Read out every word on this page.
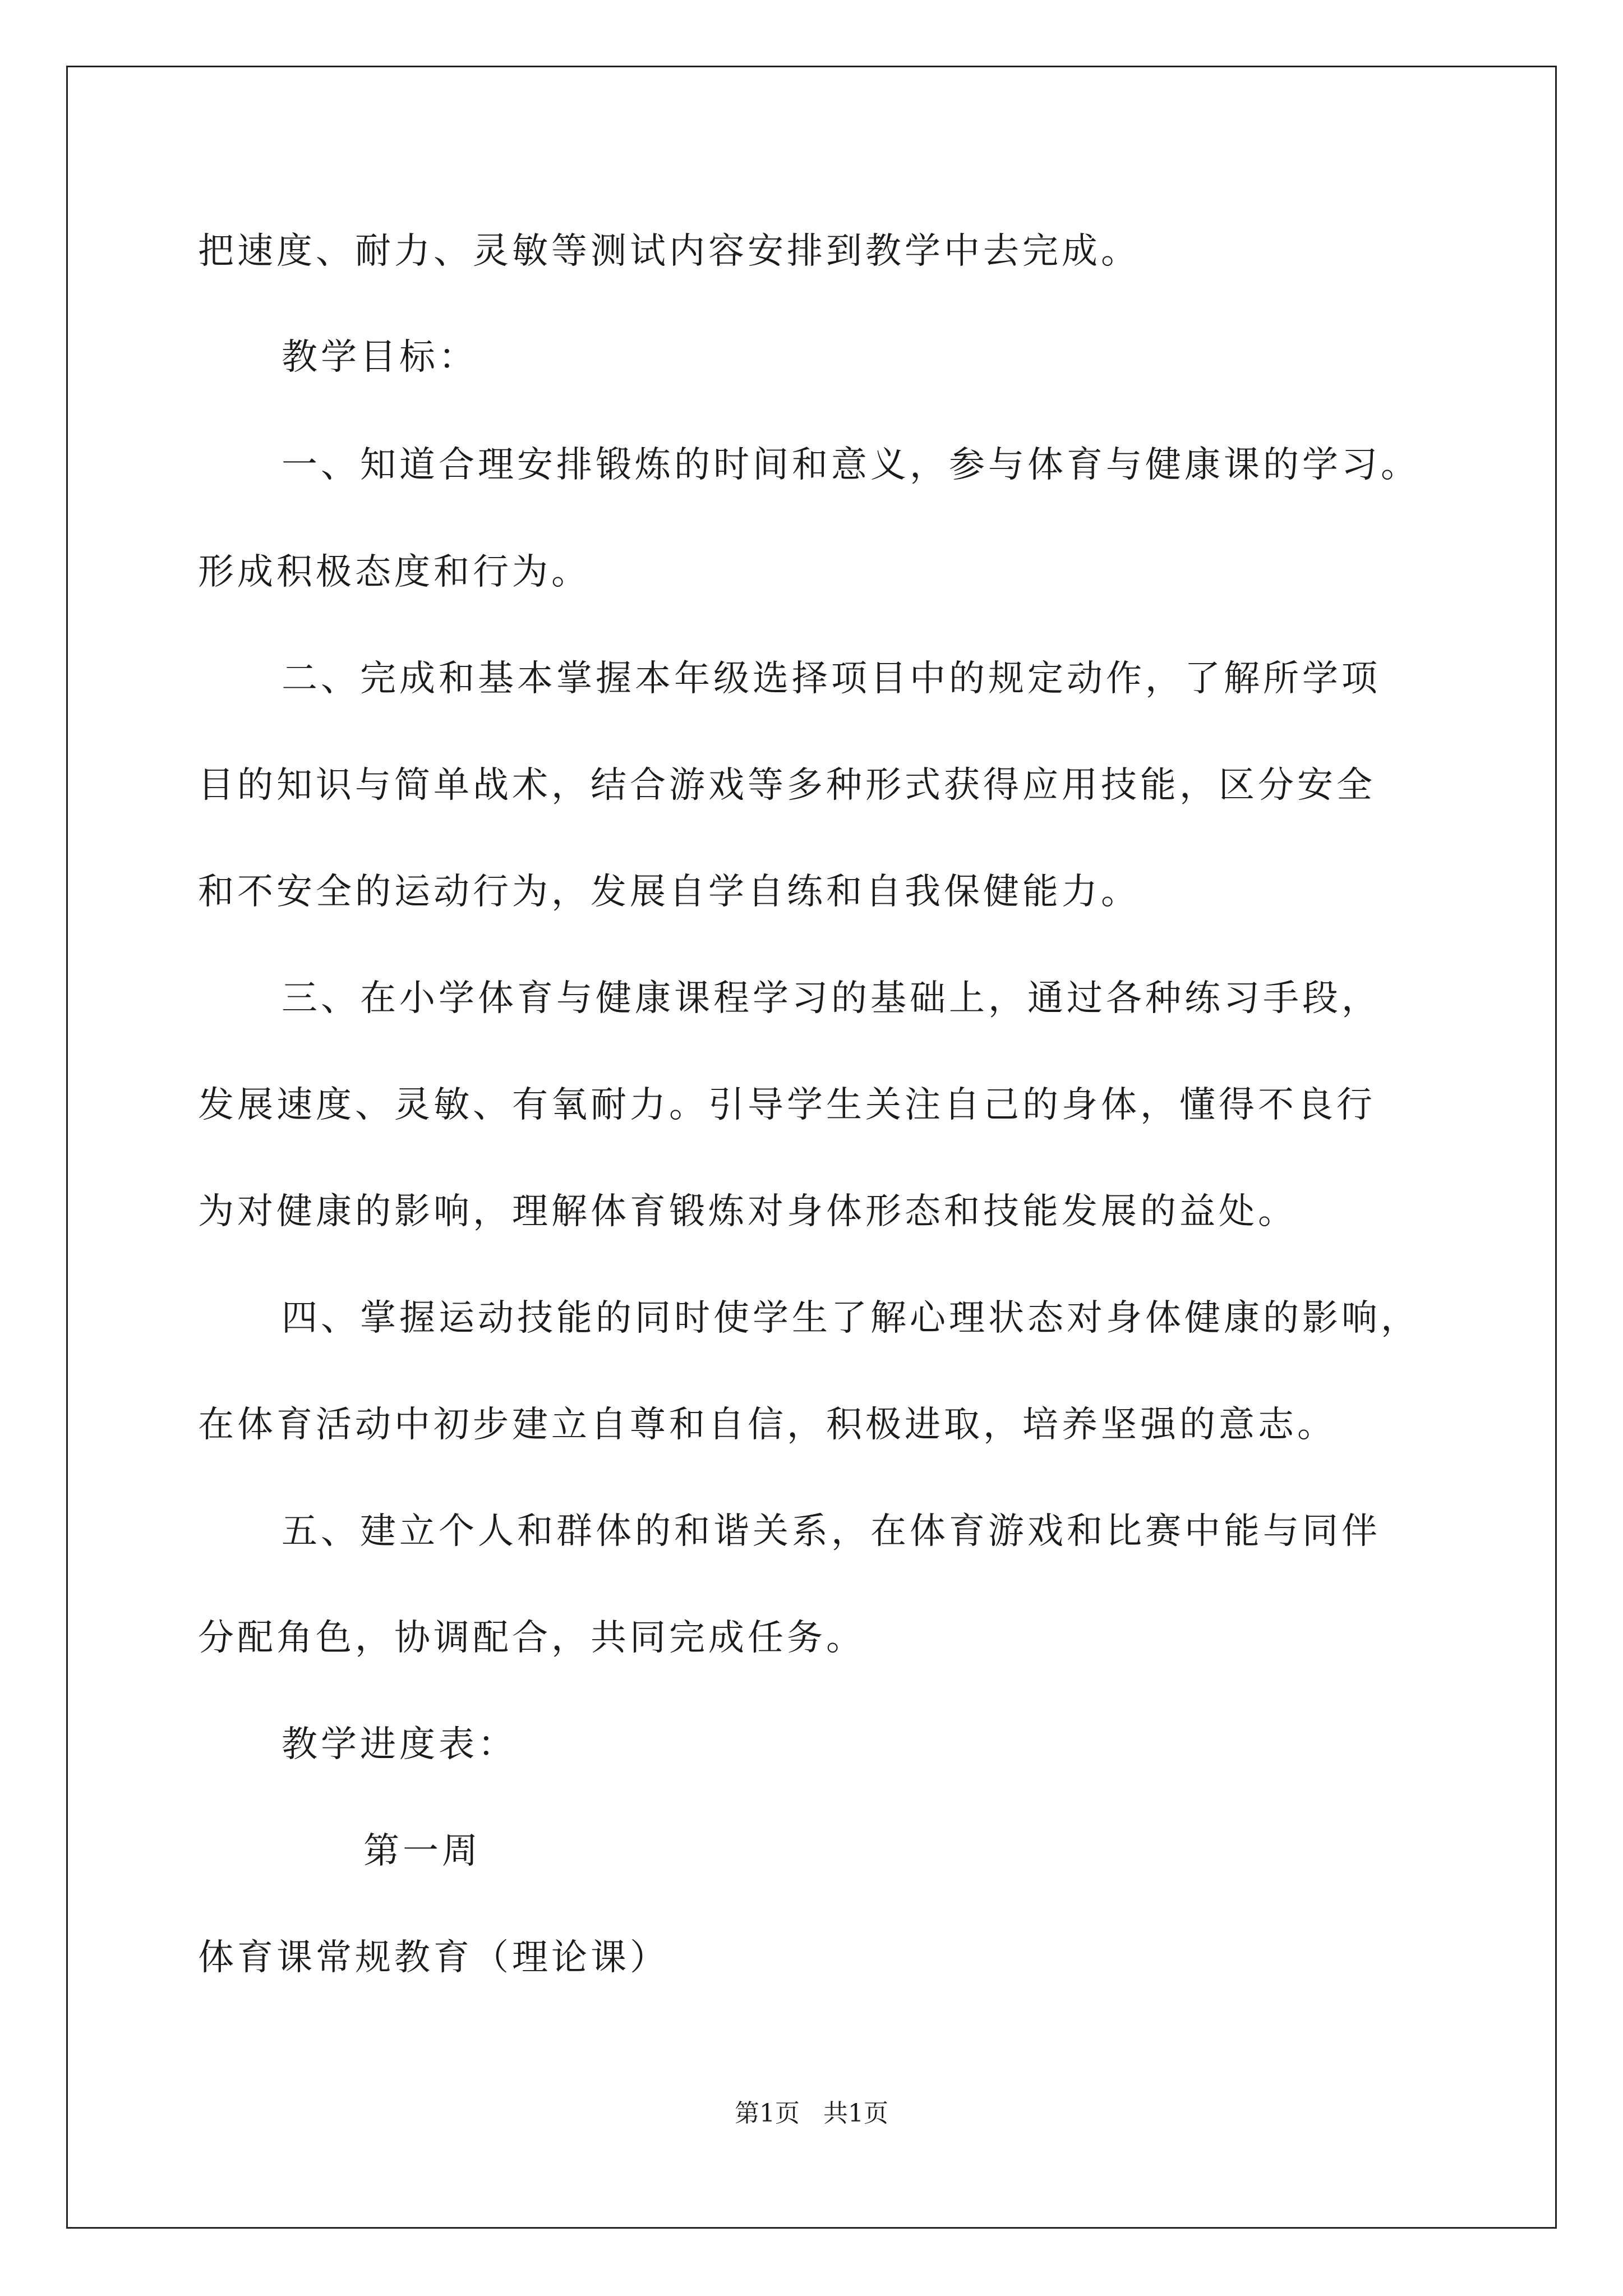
把速度、耐力、灵敏等测试内容安排到教学中去完成。
教学目标：
一、知道合理安排锻炼的时间和意义，参与体育与健康课的学习。
形成积极态度和行为。
二、完成和基本掌握本年级选择项目中的规定动作，了解所学项
目的知识与简单战术，结合游戏等多种形式获得应用技能，区分安全
和不安全的运动行为，发展自学自练和自我保健能力。
三、在小学体育与健康课程学习的基础上，通过各种练习手段，
发展速度、灵敏、有氧耐力。引导学生关注自己的身体，懂得不良行
为对健康的影响，理解体育锻炼对身体形态和技能发展的益处。
四、掌握运动技能的同时使学生了解心理状态对身体健康的影响，
在体育活动中初步建立自尊和自信，积极进取，培养坚强的意志。
五、建立个人和群体的和谐关系，在体育游戏和比赛中能与同伴
分配角色，协调配合，共同完成任务。
教学进度表：
第一周
体育课常规教育（理论课）
第1页   共1页
